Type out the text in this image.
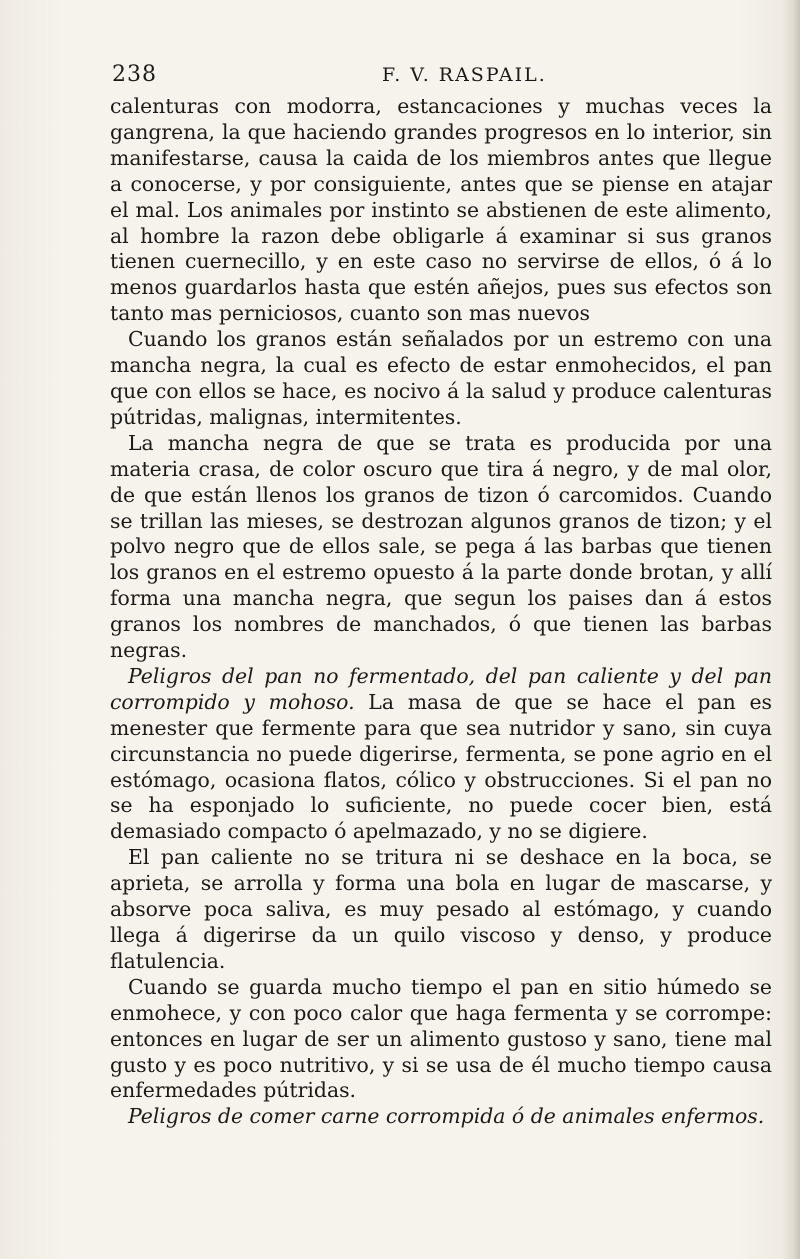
238	F. V. RASPAIL.

calenturas con modorra, estancaciones y muchas veces la gangrena, la que haciendo grandes progresos en lo interior, sin manifestarse, causa la caida de los miembros antes que llegue a conocerse, y por consiguiente, antes que se piense en atajar el mal. Los animales por instinto se abstienen de este alimento, al hombre la razon debe obligarle á examinar si sus granos tienen cuernecillo, y en este caso no servirse de ellos, ó á lo menos guardarlos hasta que estén añejos, pues sus efectos son tanto mas perniciosos, cuanto son mas nuevos

Cuando los granos están señalados por un estremo con una mancha negra, la cual es efecto de estar enmohecidos, el pan que con ellos se hace, es nocivo á la salud y produce calenturas pútridas, malignas, intermitentes.

La mancha negra de que se trata es producida por una materia crasa, de color oscuro que tira á negro, y de mal olor, de que están llenos los granos de tizon ó carcomidos. Cuando se trillan las mieses, se destrozan algunos granos de tizon; y el polvo negro que de ellos sale, se pega á las barbas que tienen los granos en el estremo opuesto á la parte donde brotan, y allí forma una mancha negra, que segun los paises dan á estos granos los nombres de manchados, ó que tienen las barbas negras.

Peligros del pan no fermentado, del pan caliente y del pan corrompido y mohoso. La masa de que se hace el pan es menester que fermente para que sea nutridor y sano, sin cuya circunstancia no puede digerirse, fermenta, se pone agrio en el estómago, ocasiona flatos, cólico y obstrucciones. Si el pan no se ha esponjado lo suficiente, no puede cocer bien, está demasiado compacto ó apelmazado, y no se digiere.

El pan caliente no se tritura ni se deshace en la boca, se aprieta, se arrolla y forma una bola en lugar de mascarse, y absorve poca saliva, es muy pesado al estómago, y cuando llega á digerirse da un quilo viscoso y denso, y produce flatulencia.

Cuando se guarda mucho tiempo el pan en sitio húmedo se enmohece, y con poco calor que haga fermenta y se corrompe: entonces en lugar de ser un alimento gustoso y sano, tiene mal gusto y es poco nutritivo, y si se usa de él mucho tiempo causa enfermedades pútridas.

Peligros de comer carne corrompida ó de animales enfermos.
